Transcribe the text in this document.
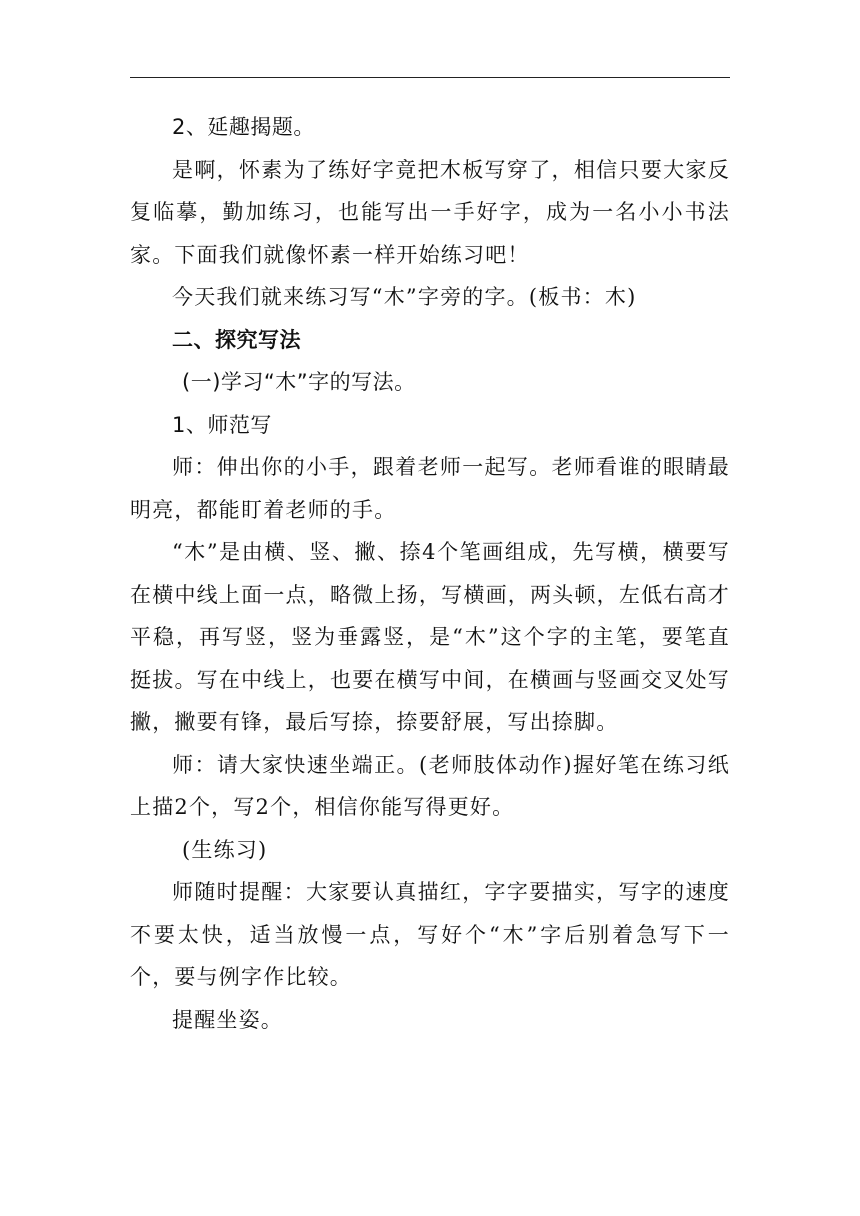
2、延趣揭题。

是啊，怀素为了练好字竟把木板写穿了，相信只要大家反复临摹，勤加练习，也能写出一手好字，成为一名小小书法家。下面我们就像怀素一样开始练习吧！

今天我们就来练习写“木”字旁的字。(板书：木)

二、探究写法

(一)学习“木”字的写法。

1、师范写

师：伸出你的小手，跟着老师一起写。老师看谁的眼睛最明亮，都能盯着老师的手。

“木”是由横、竖、撇、捺4个笔画组成，先写横，横要写在横中线上面一点，略微上扬，写横画，两头顿，左低右高才平稳，再写竖，竖为垂露竖，是“木”这个字的主笔，要笔直挺拔。写在中线上，也要在横写中间，在横画与竖画交叉处写撇，撇要有锋，最后写捺，捺要舒展，写出捺脚。

师：请大家快速坐端正。(老师肢体动作)握好笔在练习纸上描2个，写2个，相信你能写得更好。

(生练习)

师随时提醒：大家要认真描红，字字要描实，写字的速度不要太快，适当放慢一点，写好个“木”字后别着急写下一个，要与例字作比较。

提醒坐姿。
